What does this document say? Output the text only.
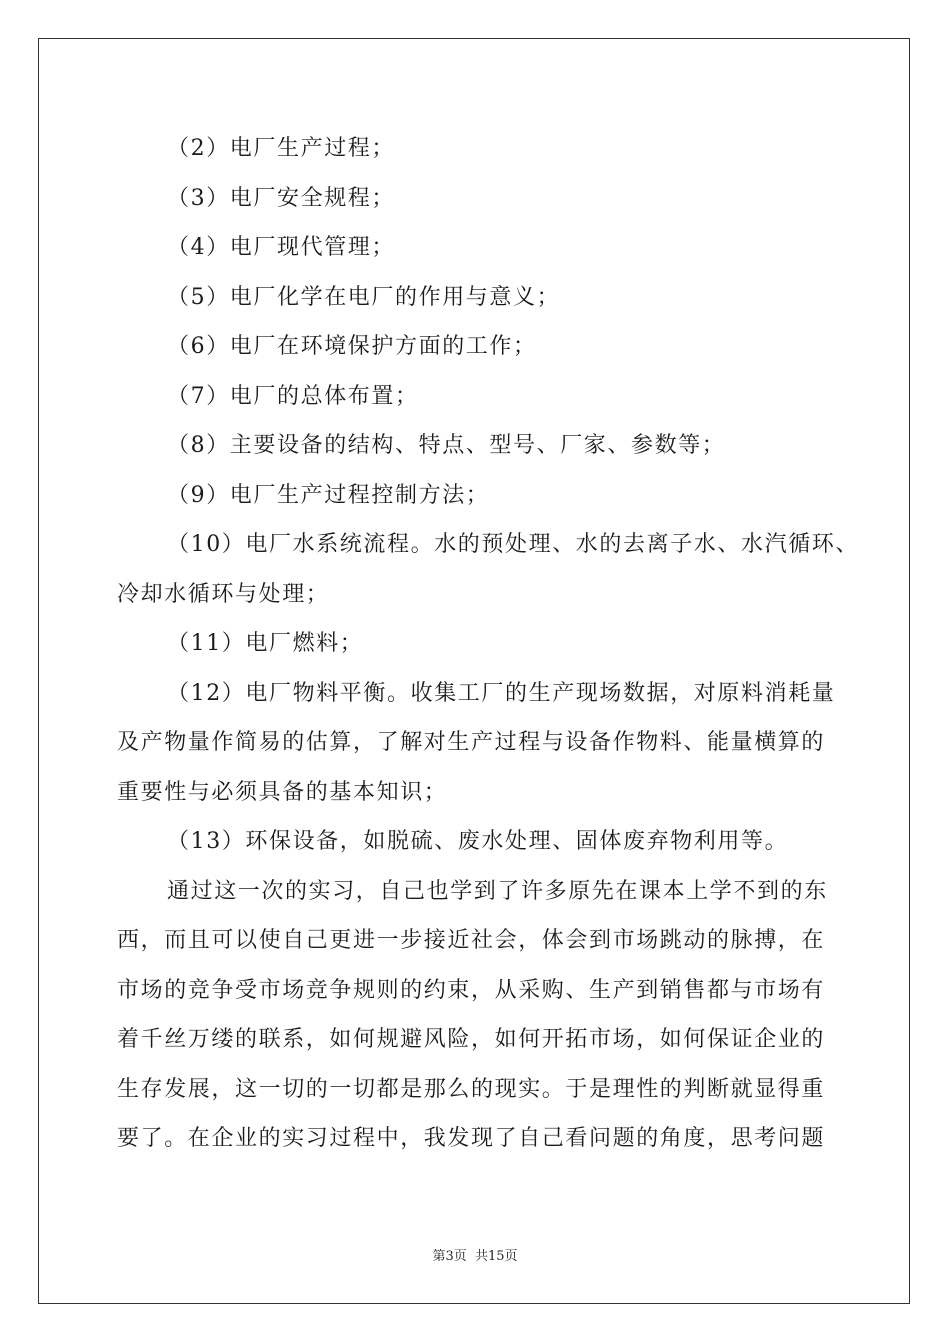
（2）电厂生产过程；
（3）电厂安全规程；
（4）电厂现代管理；
（5）电厂化学在电厂的作用与意义；
（6）电厂在环境保护方面的工作；
（7）电厂的总体布置；
（8）主要设备的结构、特点、型号、厂家、参数等；
（9）电厂生产过程控制方法；
（10）电厂水系统流程。水的预处理、水的去离子水、水汽循环、
冷却水循环与处理；
（11）电厂燃料；
（12）电厂物料平衡。收集工厂的生产现场数据，对原料消耗量
及产物量作简易的估算，了解对生产过程与设备作物料、能量横算的
重要性与必须具备的基本知识；
（13）环保设备，如脱硫、废水处理、固体废弃物利用等。
通过这一次的实习，自己也学到了许多原先在课本上学不到的东
西，而且可以使自己更进一步接近社会，体会到市场跳动的脉搏，在
市场的竞争受市场竞争规则的约束，从采购、生产到销售都与市场有
着千丝万缕的联系，如何规避风险，如何开拓市场，如何保证企业的
生存发展，这一切的一切都是那么的现实。于是理性的判断就显得重
要了。在企业的实习过程中，我发现了自己看问题的角度，思考问题
第3页 共15页
